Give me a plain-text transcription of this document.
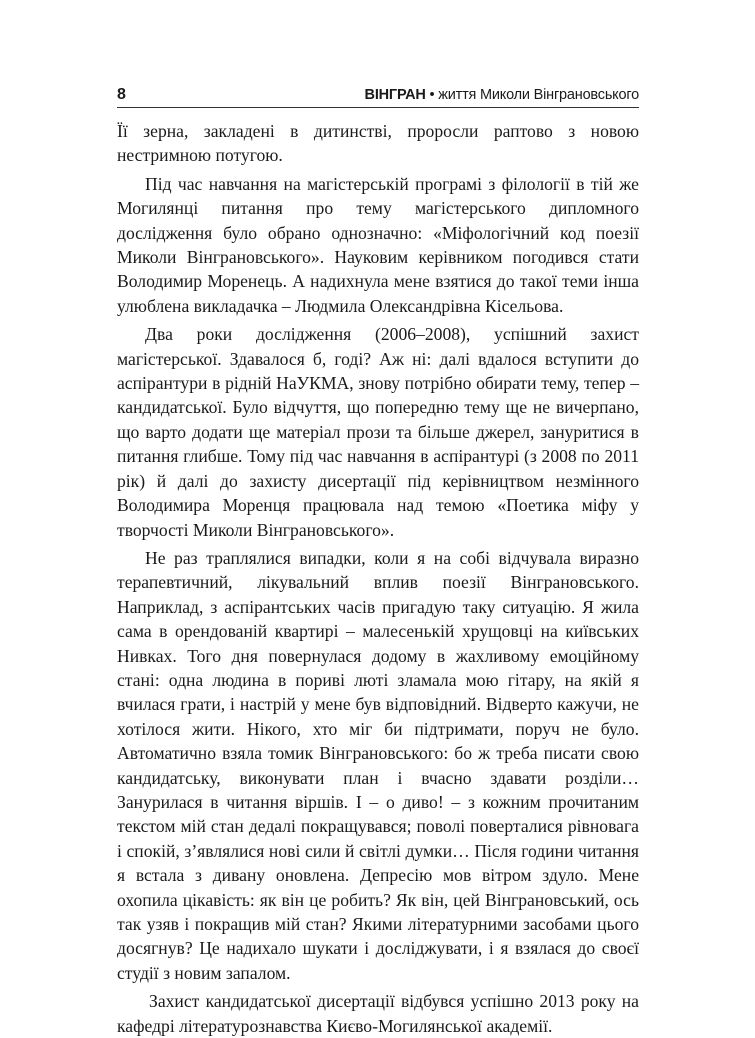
8	ВІНГРАН • життя Миколи Вінграновського

Її зерна, закладені в дитинстві, проросли раптово з новою нестримною потугою.

Під час навчання на магістерській програмі з філології в тій же Могилянці питання про тему магістерського дипломного дослідження було обрано однозначно: «Міфологічний код поезії Миколи Вінграновського». Науковим керівником погодився стати Володимир Моренець. А надихнула мене взятися до такої теми інша улюблена викладачка – Людмила Олександрівна Кісельова.

Два роки дослідження (2006–2008), успішний захист магістерської. Здавалося б, годі? Аж ні: далі вдалося вступити до аспірантури в рідній НаУКМА, знову потрібно обирати тему, тепер – кандидатської. Було відчуття, що попередню тему ще не вичерпано, що варто додати ще матеріал прози та більше джерел, зануритися в питання глибше. Тому під час навчання в аспірантурі (з 2008 по 2011 рік) й далі до захисту дисертації під керівництвом незмінного Володимира Моренця працювала над темою «Поетика міфу у творчості Миколи Вінграновського».

Не раз траплялися випадки, коли я на собі відчувала виразно терапевтичний, лікувальний вплив поезії Вінграновського. Наприклад, з аспірантських часів пригадую таку ситуацію. Я жила сама в орендованій квартирі – малесенькій хрущовці на київських Нивках. Того дня повернулася додому в жахливому емоційному стані: одна людина в пориві люті зламала мою гітару, на якій я вчилася грати, і настрій у мене був відповідний. Відверто кажучи, не хотілося жити. Нікого, хто міг би підтримати, поруч не було. Автоматично взяла томик Вінграновського: бо ж треба писати свою кандидатську, виконувати план і вчасно здавати розділи… Занурилася в читання віршів. І – о диво! – з кожним прочитаним текстом мій стан дедалі покращувався; поволі поверталися рівновага і спокій, з’являлися нові сили й світлі думки… Після години читання я встала з дивану оновлена. Депресію мов вітром здуло. Мене охопила цікавість: як він це робить? Як він, цей Вінграновський, ось так узяв і покращив мій стан? Якими літературними засобами цього досягнув? Це надихало шукати і досліджувати, і я взялася до своєї студії з новим запалом.

Захист кандидатської дисертації відбувся успішно 2013 року на кафедрі літературознавства Києво-Могилянської академії.
